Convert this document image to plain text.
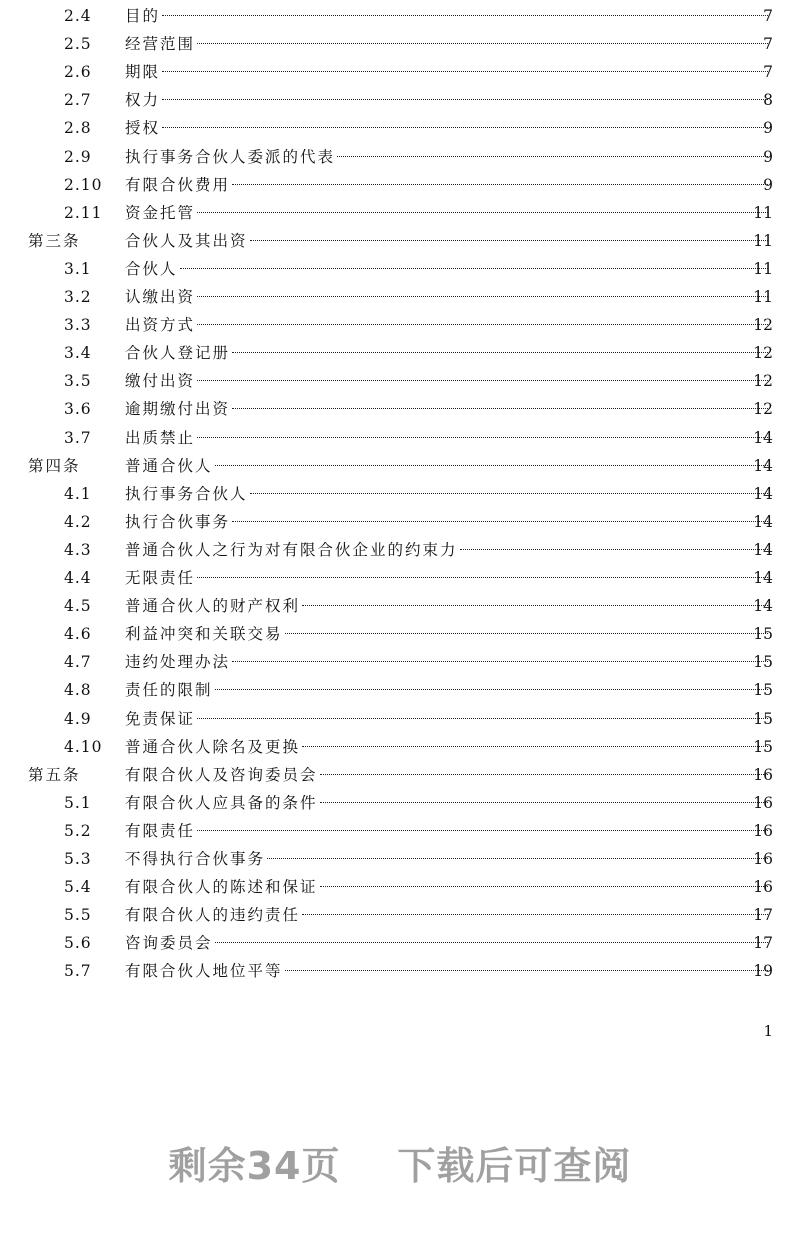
2.4 目的	7
2.5 经营范围	7
2.6 期限	7
2.7 权力	8
2.8 授权	9
2.9 执行事务合伙人委派的代表	9
2.10 有限合伙费用	9
2.11 资金托管	11
第三条	合伙人及其出资	11
3.1 合伙人	11
3.2 认缴出资	11
3.3 出资方式	12
3.4 合伙人登记册	12
3.5 缴付出资	12
3.6 逾期缴付出资	12
3.7 出质禁止	14
第四条	普通合伙人	14
4.1 执行事务合伙人	14
4.2 执行合伙事务	14
4.3 普通合伙人之行为对有限合伙企业的约束力	14
4.4 无限责任	14
4.5 普通合伙人的财产权利	14
4.6 利益冲突和关联交易	15
4.7 违约处理办法	15
4.8 责任的限制	15
4.9 免责保证	15
4.10 普通合伙人除名及更换	15
第五条	有限合伙人及咨询委员会	16
5.1 有限合伙人应具备的条件	16
5.2 有限责任	16
5.3 不得执行合伙事务	16
5.4 有限合伙人的陈述和保证	16
5.5 有限合伙人的违约责任	17
5.6 咨询委员会	17
5.7 有限合伙人地位平等	19
1
剩余34页    下载后可查阅
